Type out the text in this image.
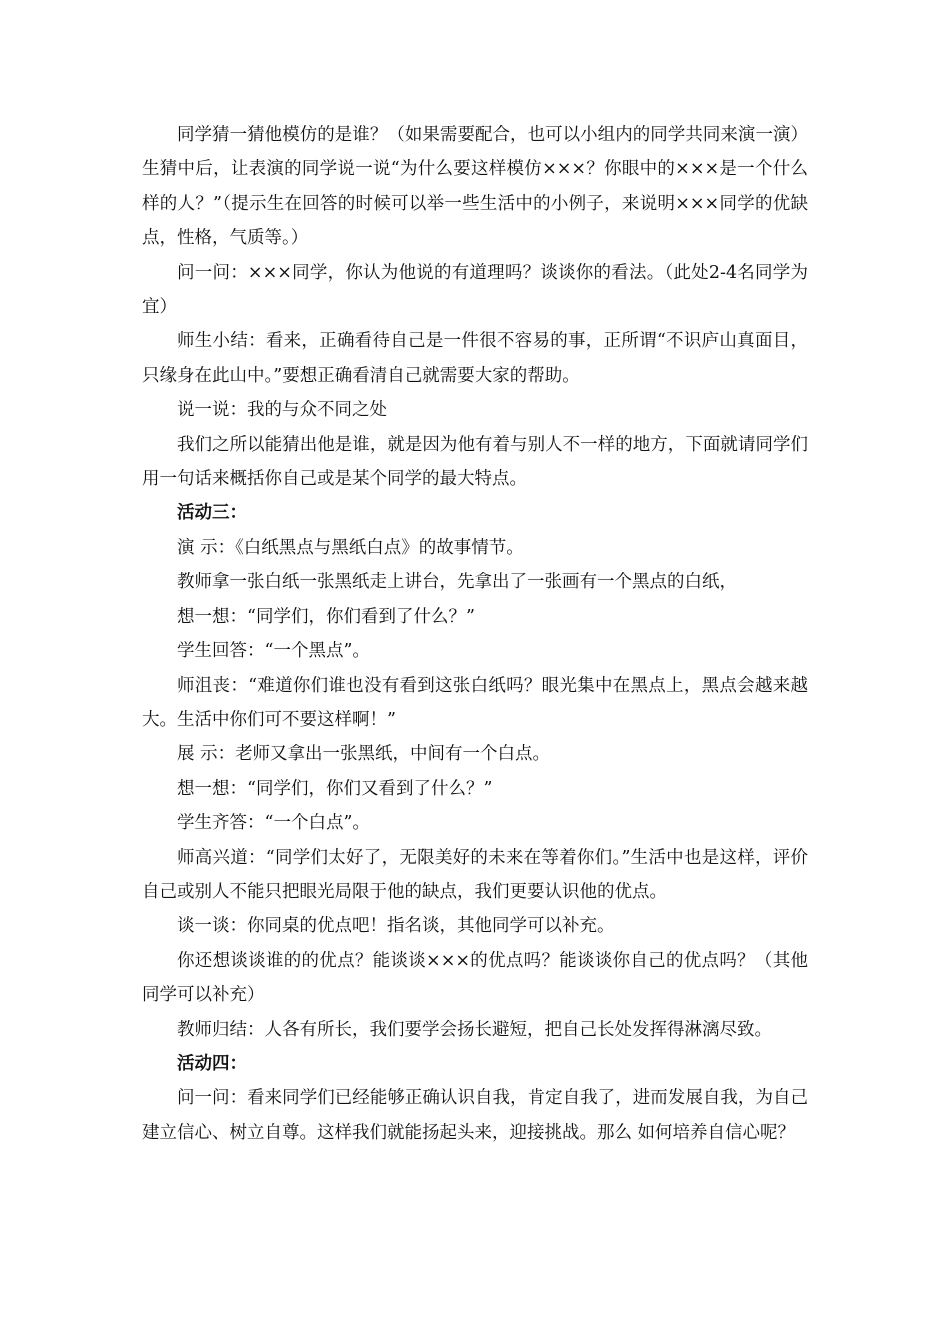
同学猜一猜他模仿的是谁？（如果需要配合，也可以小组内的同学共同来演一演）生猜中后，让表演的同学说一说“为什么要这样模仿×××？你眼中的×××是一个什么样的人？”（提示生在回答的时候可以举一些生活中的小例子，来说明×××同学的优缺点，性格，气质等。）

问一问：×××同学，你认为他说的有道理吗？谈谈你的看法。（此处2-4名同学为宜）

师生小结：看来，正确看待自己是一件很不容易的事，正所谓“不识庐山真面目，只缘身在此山中。”要想正确看清自己就需要大家的帮助。

说一说：我的与众不同之处

我们之所以能猜出他是谁，就是因为他有着与别人不一样的地方，下面就请同学们用一句话来概括你自己或是某个同学的最大特点。

活动三：

演 示：《白纸黑点与黑纸白点》的故事情节。

教师拿一张白纸一张黑纸走上讲台，先拿出了一张画有一个黑点的白纸，

想一想：“同学们，你们看到了什么？”

学生回答：“一个黑点”。

师沮丧：“难道你们谁也没有看到这张白纸吗？眼光集中在黑点上，黑点会越来越大。生活中你们可不要这样啊！”

展 示：老师又拿出一张黑纸，中间有一个白点。

想一想：“同学们，你们又看到了什么？”

学生齐答：“一个白点”。

师高兴道：“同学们太好了，无限美好的未来在等着你们。”生活中也是这样，评价自己或别人不能只把眼光局限于他的缺点，我们更要认识他的优点。

谈一谈：你同桌的优点吧！指名谈，其他同学可以补充。

你还想谈谈谁的的优点？能谈谈×××的优点吗？能谈谈你自己的优点吗？（其他同学可以补充）

教师归结：人各有所长，我们要学会扬长避短，把自己长处发挥得淋漓尽致。

活动四：

问一问：看来同学们已经能够正确认识自我，肯定自我了，进而发展自我，为自己建立信心、树立自尊。这样我们就能扬起头来，迎接挑战。那么 如何培养自信心呢？
